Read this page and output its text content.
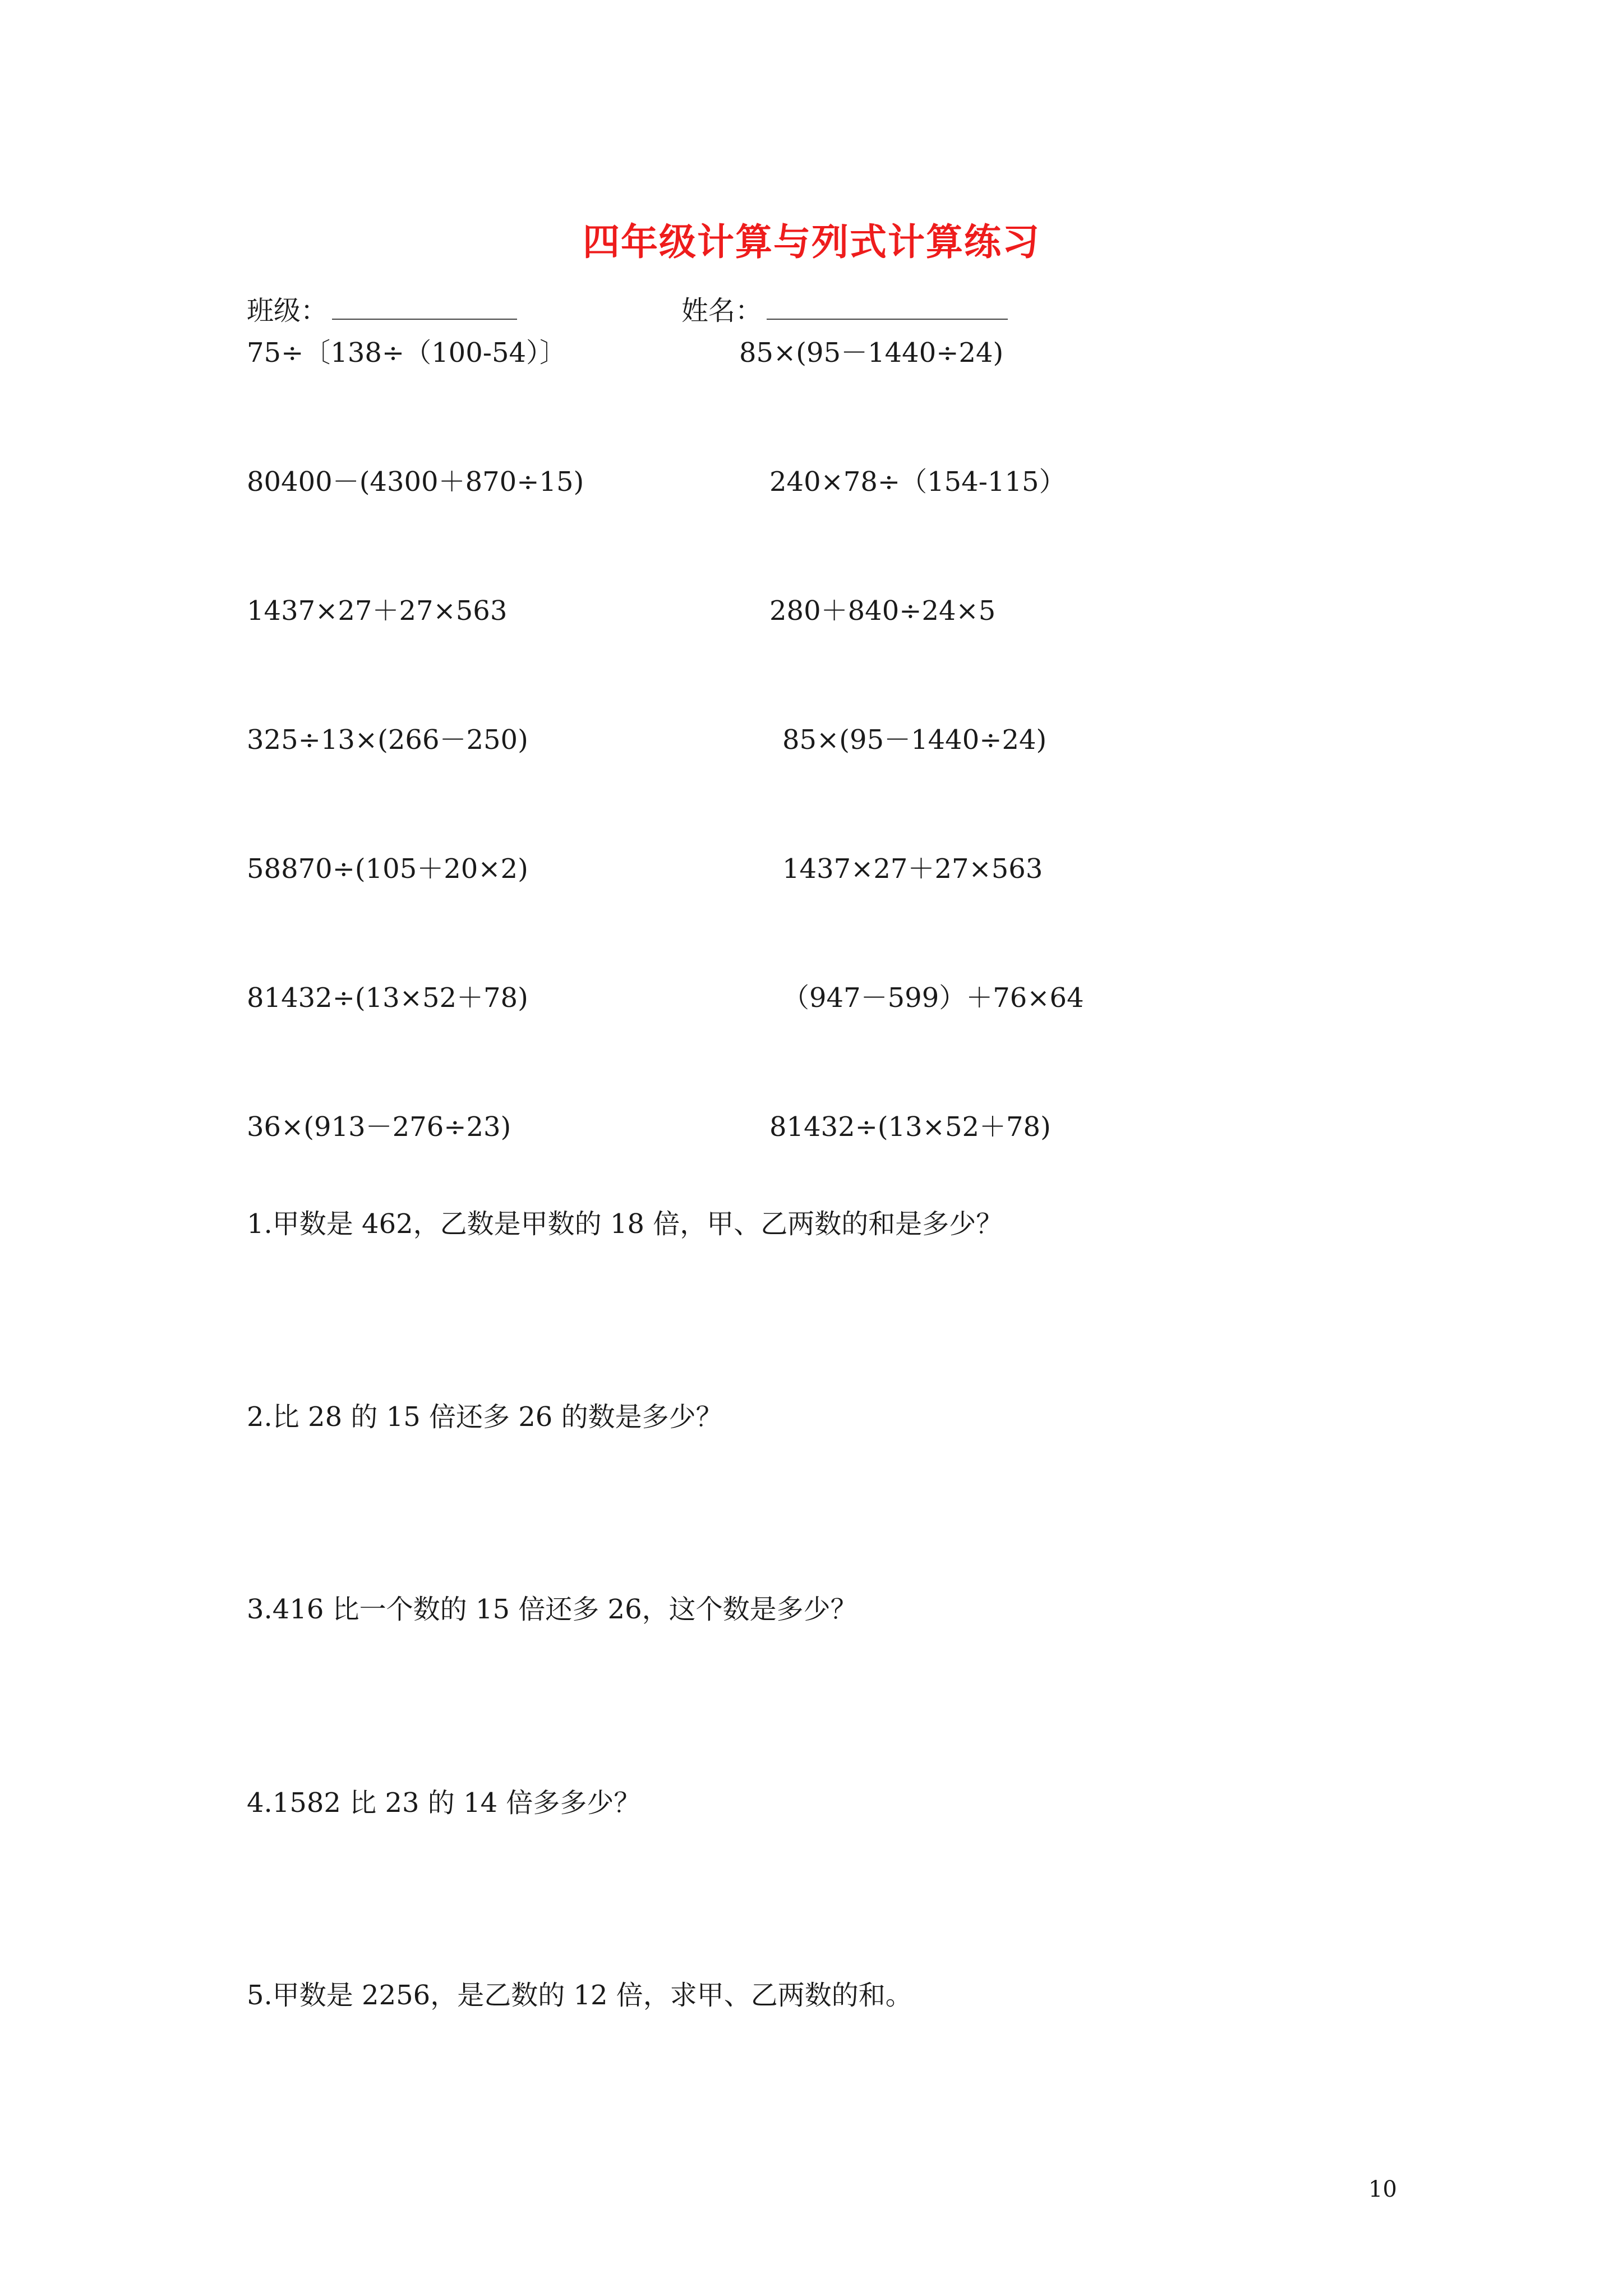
四年级计算与列式计算练习
班级：	姓名：
75÷〔138÷（100-54）〕
80400－(4300＋870÷15)
1437×27＋27×563
325÷13×(266－250)
58870÷(105＋20×2)
81432÷(13×52＋78)
36×(913－276÷23)
85×(95－1440÷24)
240×78÷（154-115）
280＋840÷24×5
85×(95－1440÷24)
1437×27＋27×563
（947－599）＋76×64
81432÷(13×52＋78)
1.甲数是 462，乙数是甲数的 18 倍，甲、乙两数的和是多少？
2.比 28 的 15 倍还多 26 的数是多少？
3.416 比一个数的 15 倍还多 26，这个数是多少？
4.1582 比 23 的 14 倍多多少？
5.甲数是 2256，是乙数的 12 倍，求甲、乙两数的和。
10
